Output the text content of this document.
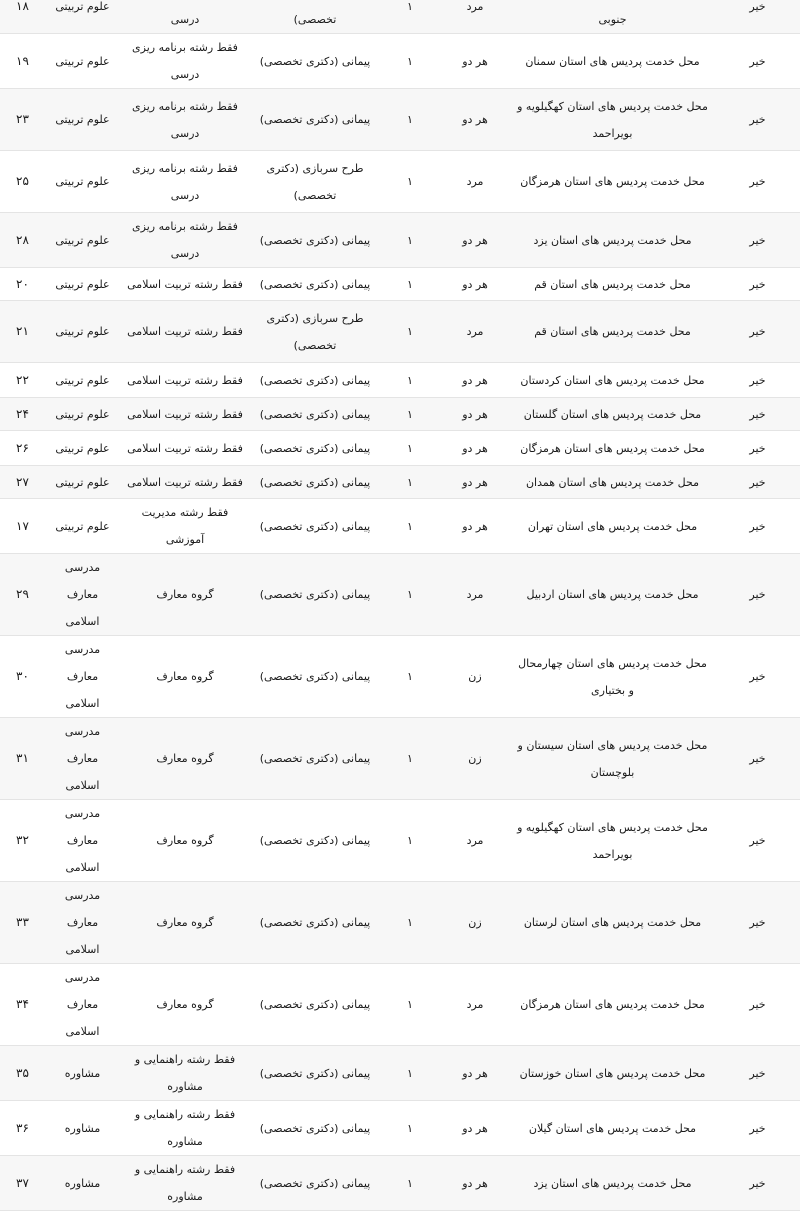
۱۸	علوم تربیتی	درسی	تخصصی)	۱	مرد	جنوبی	خیر
۱۹	علوم تربیتی	فقط رشته برنامه ریزی درسی	پیمانی (دکتری تخصصی)	۱	هر دو	محل خدمت پردیس های استان سمنان	خیر
۲۳	علوم تربیتی	فقط رشته برنامه ریزی درسی	پیمانی (دکتری تخصصی)	۱	هر دو	محل خدمت پردیس های استان کهگیلویه و بویراحمد	خیر
۲۵	علوم تربیتی	فقط رشته برنامه ریزی درسی	طرح سربازی (دکتری تخصصی)	۱	مرد	محل خدمت پردیس های استان هرمزگان	خیر
۲۸	علوم تربیتی	فقط رشته برنامه ریزی درسی	پیمانی (دکتری تخصصی)	۱	هر دو	محل خدمت پردیس های استان یزد	خیر
۲۰	علوم تربیتی	فقط رشته تربیت اسلامی	پیمانی (دکتری تخصصی)	۱	هر دو	محل خدمت پردیس های استان قم	خیر
۲۱	علوم تربیتی	فقط رشته تربیت اسلامی	طرح سربازی (دکتری تخصصی)	۱	مرد	محل خدمت پردیس های استان قم	خیر
۲۲	علوم تربیتی	فقط رشته تربیت اسلامی	پیمانی (دکتری تخصصی)	۱	هر دو	محل خدمت پردیس های استان کردستان	خیر
۲۴	علوم تربیتی	فقط رشته تربیت اسلامی	پیمانی (دکتری تخصصی)	۱	هر دو	محل خدمت پردیس های استان گلستان	خیر
۲۶	علوم تربیتی	فقط رشته تربیت اسلامی	پیمانی (دکتری تخصصی)	۱	هر دو	محل خدمت پردیس های استان هرمزگان	خیر
۲۷	علوم تربیتی	فقط رشته تربیت اسلامی	پیمانی (دکتری تخصصی)	۱	هر دو	محل خدمت پردیس های استان همدان	خیر
۱۷	علوم تربیتی	فقط رشته مدیریت آموزشی	پیمانی (دکتری تخصصی)	۱	هر دو	محل خدمت پردیس های استان تهران	خیر
۲۹	مدرسی معارف اسلامی	گروه معارف	پیمانی (دکتری تخصصی)	۱	مرد	محل خدمت پردیس های استان اردبیل	خیر
۳۰	مدرسی معارف اسلامی	گروه معارف	پیمانی (دکتری تخصصی)	۱	زن	محل خدمت پردیس های استان چهارمحال و بختیاری	خیر
۳۱	مدرسی معارف اسلامی	گروه معارف	پیمانی (دکتری تخصصی)	۱	زن	محل خدمت پردیس های استان سیستان و بلوچستان	خیر
۳۲	مدرسی معارف اسلامی	گروه معارف	پیمانی (دکتری تخصصی)	۱	مرد	محل خدمت پردیس های استان کهگیلویه و بویراحمد	خیر
۳۳	مدرسی معارف اسلامی	گروه معارف	پیمانی (دکتری تخصصی)	۱	زن	محل خدمت پردیس های استان لرستان	خیر
۳۴	مدرسی معارف اسلامی	گروه معارف	پیمانی (دکتری تخصصی)	۱	مرد	محل خدمت پردیس های استان هرمزگان	خیر
۳۵	مشاوره	فقط رشته راهنمایی و مشاوره	پیمانی (دکتری تخصصی)	۱	هر دو	محل خدمت پردیس های استان خوزستان	خیر
۳۶	مشاوره	فقط رشته راهنمایی و مشاوره	پیمانی (دکتری تخصصی)	۱	هر دو	محل خدمت پردیس های استان گیلان	خیر
۳۷	مشاوره	فقط رشته راهنمایی و مشاوره	پیمانی (دکتری تخصصی)	۱	هر دو	محل خدمت پردیس های استان یزد	خیر
